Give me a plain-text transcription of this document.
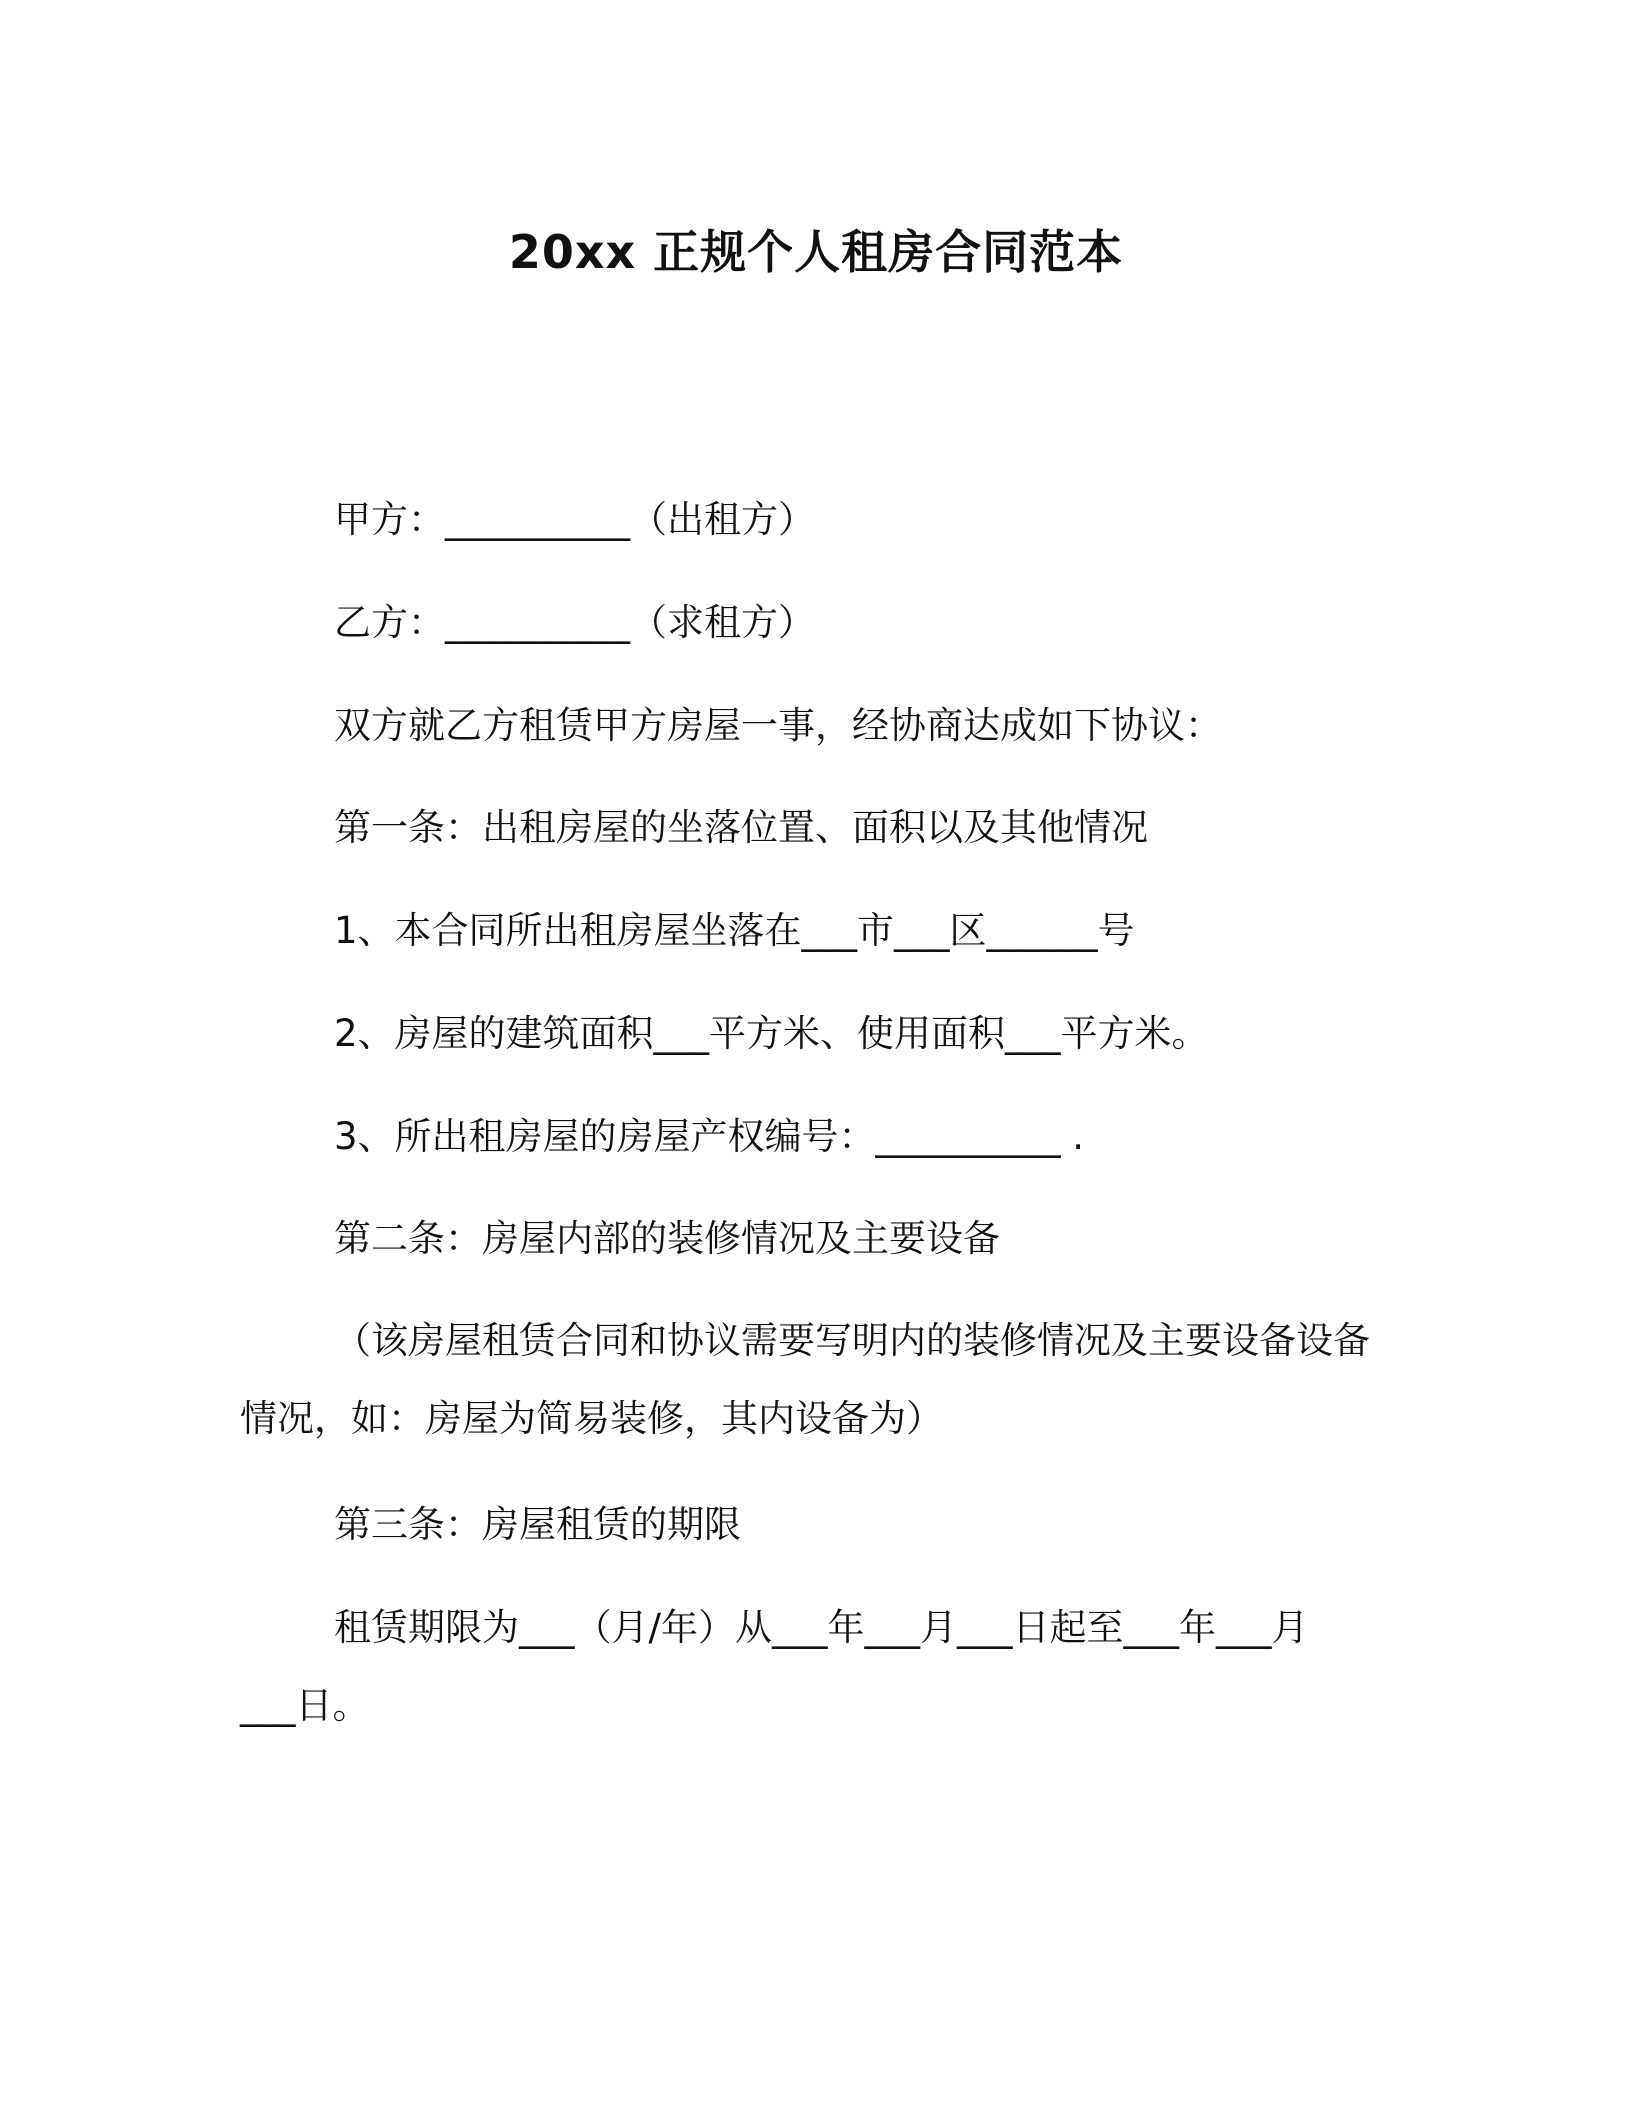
20xx 正规个人租房合同范本

甲方：__________（出租方）

乙方：__________（求租方）

双方就乙方租赁甲方房屋一事，经协商达成如下协议：

第一条：出租房屋的坐落位置、面积以及其他情况

1、本合同所出租房屋坐落在___市___区______号

2、房屋的建筑面积___平方米、使用面积___平方米。

3、所出租房屋的房屋产权编号：__________ .

第二条：房屋内部的装修情况及主要设备

（该房屋租赁合同和协议需要写明内的装修情况及主要设备设备
情况，如：房屋为简易装修，其内设备为）

第三条：房屋租赁的期限

租赁期限为___（月/年）从___年___月___日起至___年___月
___日。
